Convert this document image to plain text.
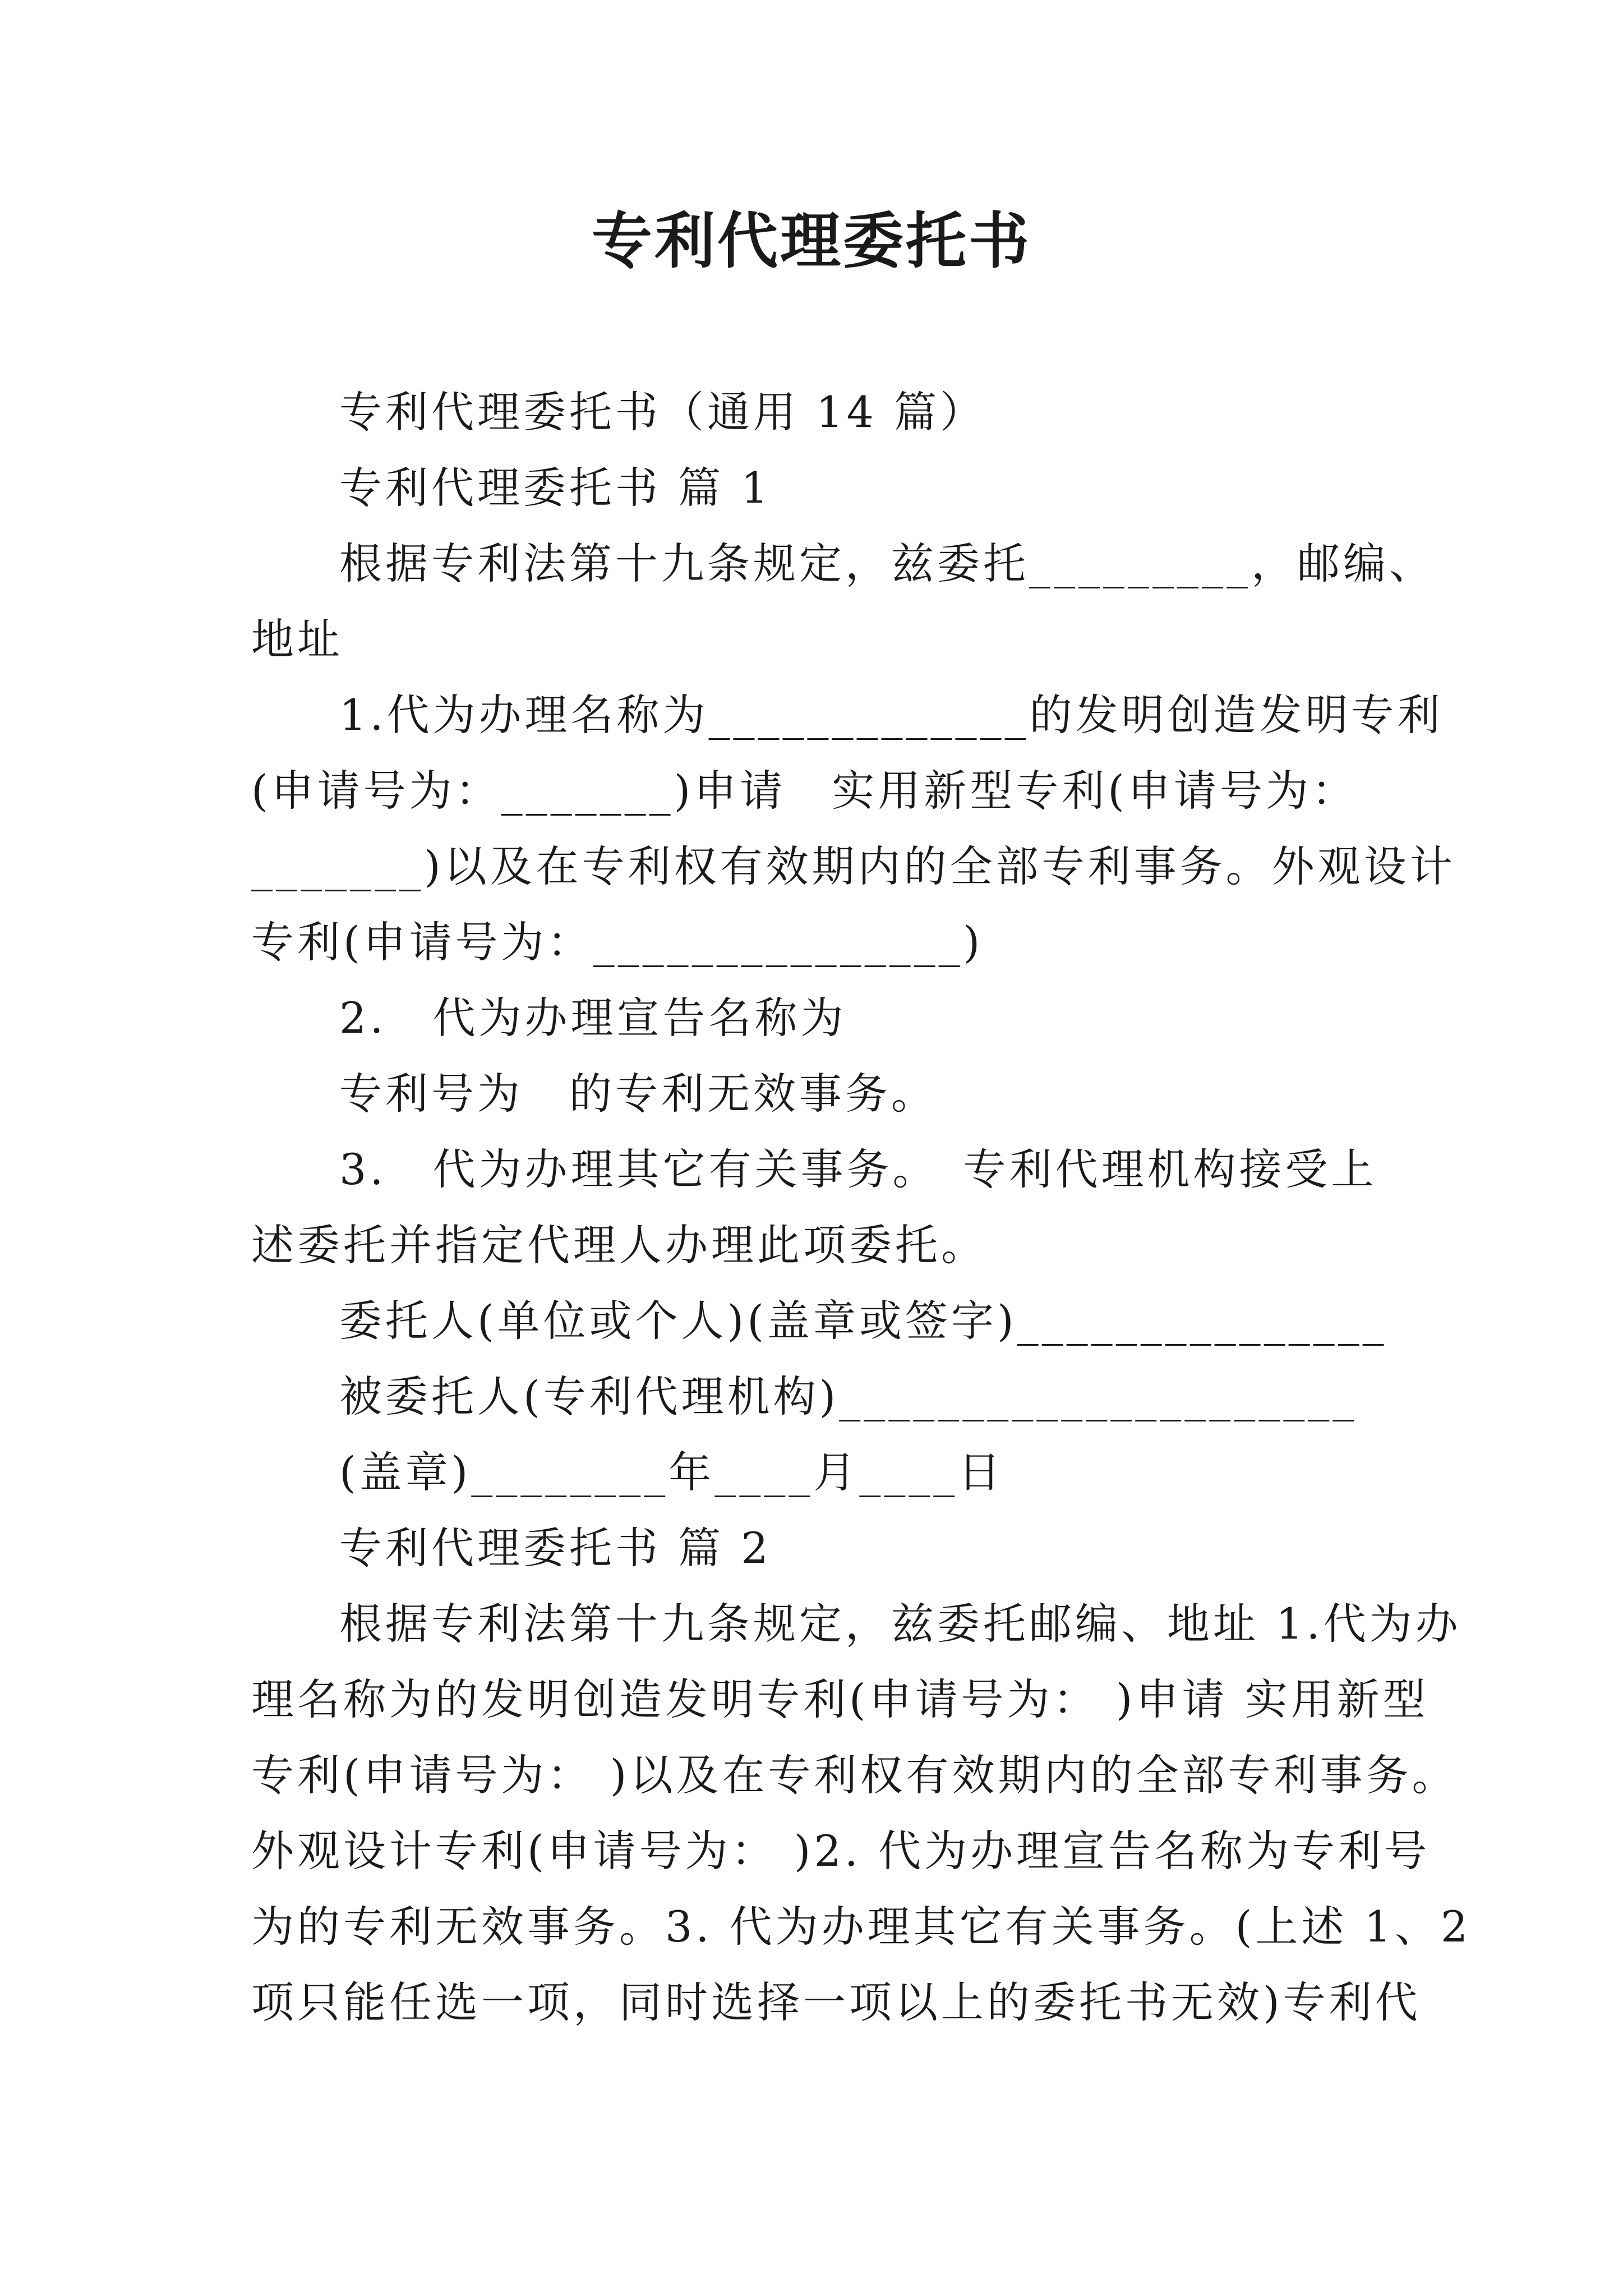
专利代理委托书
专利代理委托书（通用 14 篇）
专利代理委托书 篇 1
根据专利法第十九条规定，兹委托_________，邮编、
地址
1.代为办理名称为_____________的发明创造发明专利
(申请号为：_______)申请　实用新型专利(申请号为：
_______)以及在专利权有效期内的全部专利事务。外观设计
专利(申请号为：_______________)
2.　代为办理宣告名称为
专利号为　的专利无效事务。
3.　代为办理其它有关事务。　专利代理机构接受上
述委托并指定代理人办理此项委托。
委托人(单位或个人)(盖章或签字)_______________
被委托人(专利代理机构)_____________________
(盖章)________年____月____日
专利代理委托书 篇 2
根据专利法第十九条规定，兹委托邮编、地址 1.代为办
理名称为的发明创造发明专利(申请号为： )申请 实用新型
专利(申请号为： )以及在专利权有效期内的全部专利事务。
外观设计专利(申请号为： )2. 代为办理宣告名称为专利号
为的专利无效事务。3. 代为办理其它有关事务。(上述 1、2
项只能任选一项，同时选择一项以上的委托书无效)专利代
